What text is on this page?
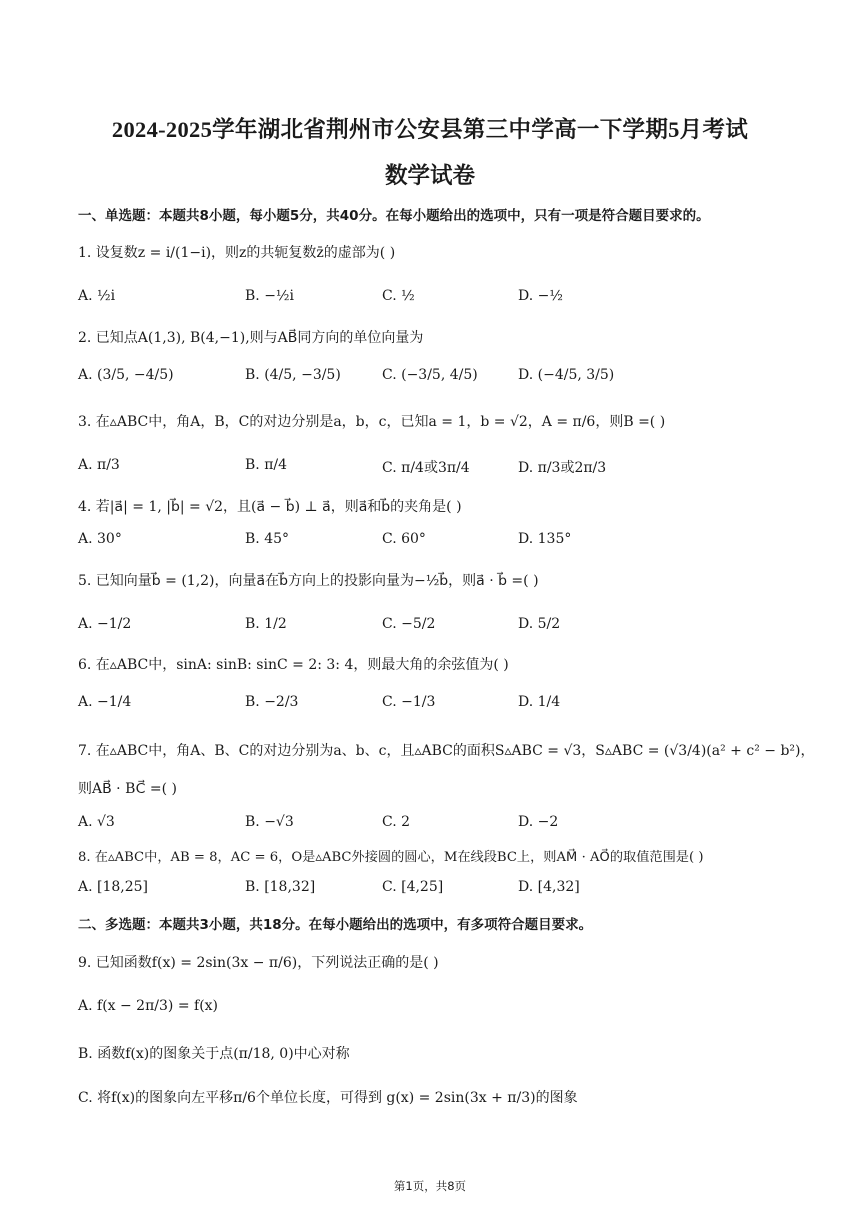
2024-2025学年湖北省荆州市公安县第三中学高一下学期5月考试
数学试卷
一、单选题：本题共8小题，每小题5分，共40分。在每小题给出的选项中，只有一项是符合题目要求的。
1. 设复数z = i/(1−i)，则z的共轭复数z̄的虚部为( )
A. ½i	B. −½i	C. ½	D. −½
2. 已知点A(1,3), B(4,−1),则与AB⃗同方向的单位向量为
A. (3/5, −4/5)	B. (4/5, −3/5)	C. (−3/5, 4/5)	D. (−4/5, 3/5)
3. 在▵ABC中，角A，B，C的对边分别是a，b，c，已知a = 1，b = √2，A = π/6，则B =( )
A. π/3	B. π/4	C. π/4或3π/4	D. π/3或2π/3
4. 若|a⃗| = 1, |b⃗| = √2，且(a⃗ − b⃗) ⊥ a⃗，则a⃗和b⃗的夹角是( )
A. 30°	B. 45°	C. 60°	D. 135°
5. 已知向量b⃗ = (1,2)，向量a⃗在b⃗方向上的投影向量为−½b⃗，则a⃗ · b⃗ =( )
A. −1/2	B. 1/2	C. −5/2	D. 5/2
6. 在▵ABC中，sinA: sinB: sinC = 2: 3: 4，则最大角的余弦值为( )
A. −1/4	B. −2/3	C. −1/3	D. 1/4
7. 在▵ABC中，角A、B、C的对边分别为a、b、c，且▵ABC的面积S▵ABC = √3，S▵ABC = (√3/4)(a² + c² − b²)，
则AB⃗ · BC⃗ =( )
A. √3	B. −√3	C. 2	D. −2
8. 在▵ABC中，AB = 8，AC = 6，O是▵ABC外接圆的圆心，M在线段BC上，则AM⃗ · AO⃗的取值范围是( )
A. [18,25]	B. [18,32]	C. [4,25]	D. [4,32]
二、多选题：本题共3小题，共18分。在每小题给出的选项中，有多项符合题目要求。
9. 已知函数f(x) = 2sin(3x − π/6)，下列说法正确的是( )
A. f(x − 2π/3) = f(x)
B. 函数f(x)的图象关于点(π/18, 0)中心对称
C. 将f(x)的图象向左平移π/6个单位长度，可得到 g(x) = 2sin(3x + π/3)的图象
第1页，共8页
